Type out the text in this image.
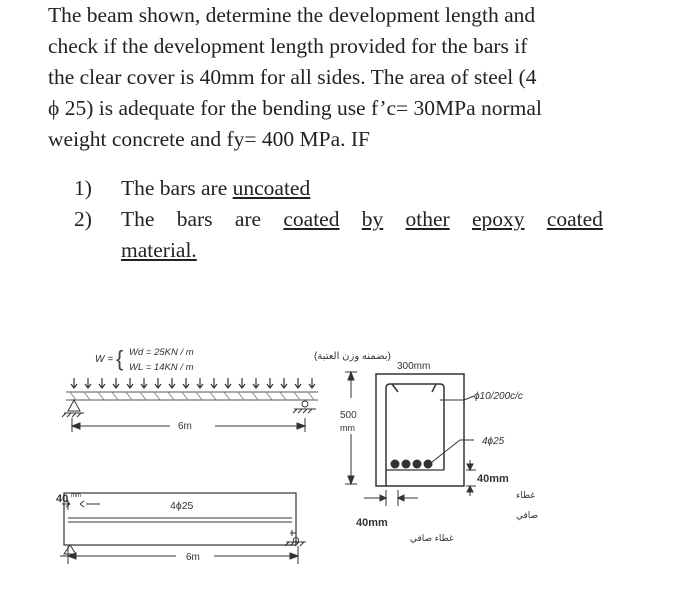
The beam shown, determine the development length and
check if the development length provided for the bars if
the clear cover is 40mm for all sides. The area of steel (4
ϕ 25) is adequate for the bending use f’c= 30MPa normal
weight concrete and fy= 400 MPa. IF
1)	The bars are uncoated
2)	The bars are coated by other epoxy coated
material.
W = { Wd = 25KN / m
WL = 14KN / m
(بضمنه وزن العتبة)
6m
4ϕ25
6m
40 mm
300mm
500
mm
ϕ10/200c/c
4ϕ25
40mm
غطاء
صافي
40mm
غطاء صافي
